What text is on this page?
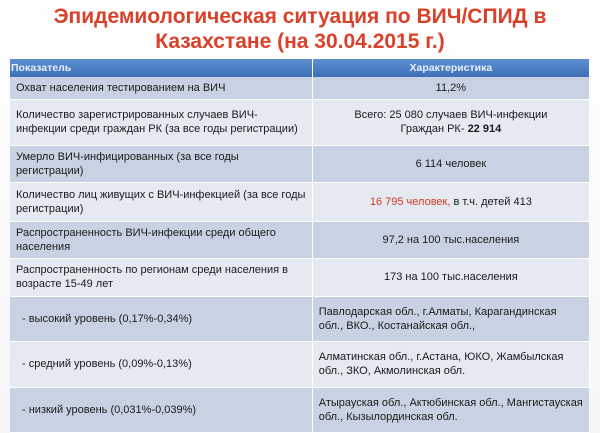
Эпидемиологическая ситуация по ВИЧ/СПИД в
Казахстане (на 30.04.2015 г.)
Показатель	Характеристика
Охват населения тестированием на ВИЧ	11,2%
Количество зарегистрированных случаев ВИЧ-инфекции среди граждан РК (за все годы регистрации)	Всего: 25 080 случаев ВИЧ-инфекции
Граждан РК- 22 914

Умерло ВИЧ-инфицированных (за все годы регистрации)	6 114 человек
Количество лиц живущих с ВИЧ-инфекцией (за все годы регистрации)	16 795 человек, в т.ч. детей 413
Распространенность ВИЧ-инфекции среди общего населения	97,2 на 100 тыс.населения
Распространенность по регионам среди населения в возрасте 15-49 лет	173 на 100 тыс.населения
- высокий уровень (0,17%-0,34%)	Павлодарская обл., г.Алматы, Карагандинская обл., ВКО., Костанайская обл.,
- средний уровень (0,09%-0,13%)	Алматинская обл., г.Астана, ЮКО, Жамбылская обл., ЗКО, Акмолинская обл.
- низкий уровень (0,031%-0,039%)	Атырауская обл., Актюбинская обл., Мангистауская обл., Кызылординская обл.
